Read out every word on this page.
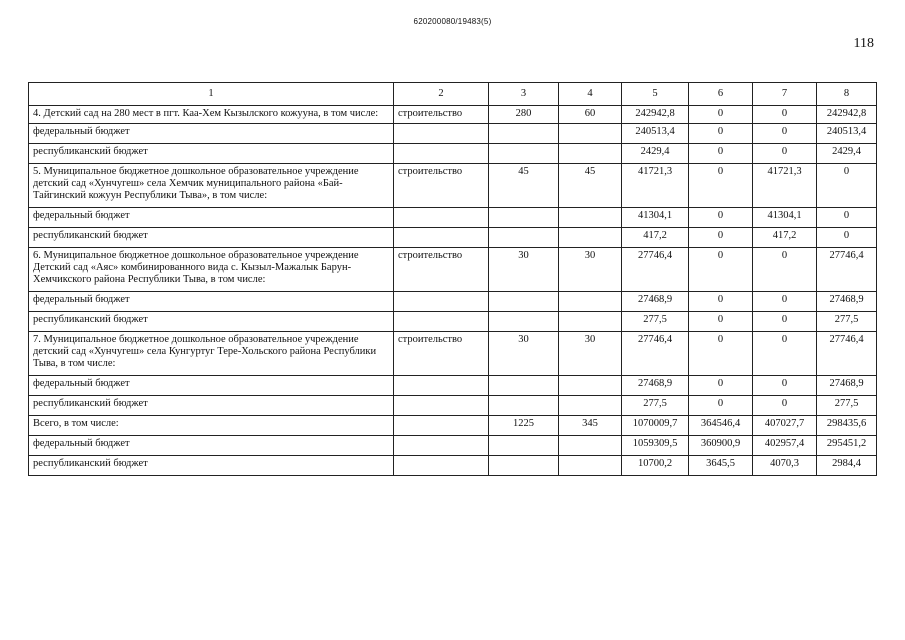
620200080/19483(5)
118
1	2	3	4	5	6	7	8
4. Детский сад на 280 мест в пгт. Каа-Хем Кызылского кожууна, в том числе:	строительство	280	60	242942,8	0	0	242942,8
федеральный бюджет				240513,4	0	0	240513,4
республиканский бюджет				2429,4	0	0	2429,4
5. Муниципальное бюджетное дошкольное образовательное учреждение детский сад «Хунчугеш» села Хемчик муниципального района «Бай-Тайгинский кожуун Республики Тыва», в том числе:	строительство	45	45	41721,3	0	41721,3	0
федеральный бюджет				41304,1	0	41304,1	0
республиканский бюджет				417,2	0	417,2	0
6. Муниципальное бюджетное дошкольное образовательное учреждение Детский сад «Аяс» комбинированного вида с. Кызыл-Мажалык Барун-Хемчикского района Республики Тыва, в том числе:	строительство	30	30	27746,4	0	0	27746,4
федеральный бюджет				27468,9	0	0	27468,9
республиканский бюджет				277,5	0	0	277,5
7. Муниципальное бюджетное дошкольное образовательное учреждение детский сад «Хунчугеш» села Кунгуртуг Тере-Хольского района Республики Тыва, в том числе:	строительство	30	30	27746,4	0	0	27746,4
федеральный бюджет				27468,9	0	0	27468,9
республиканский бюджет				277,5	0	0	277,5
Всего, в том числе:		1225	345	1070009,7	364546,4	407027,7	298435,6
федеральный бюджет				1059309,5	360900,9	402957,4	295451,2
республиканский бюджет				10700,2	3645,5	4070,3	2984,4
